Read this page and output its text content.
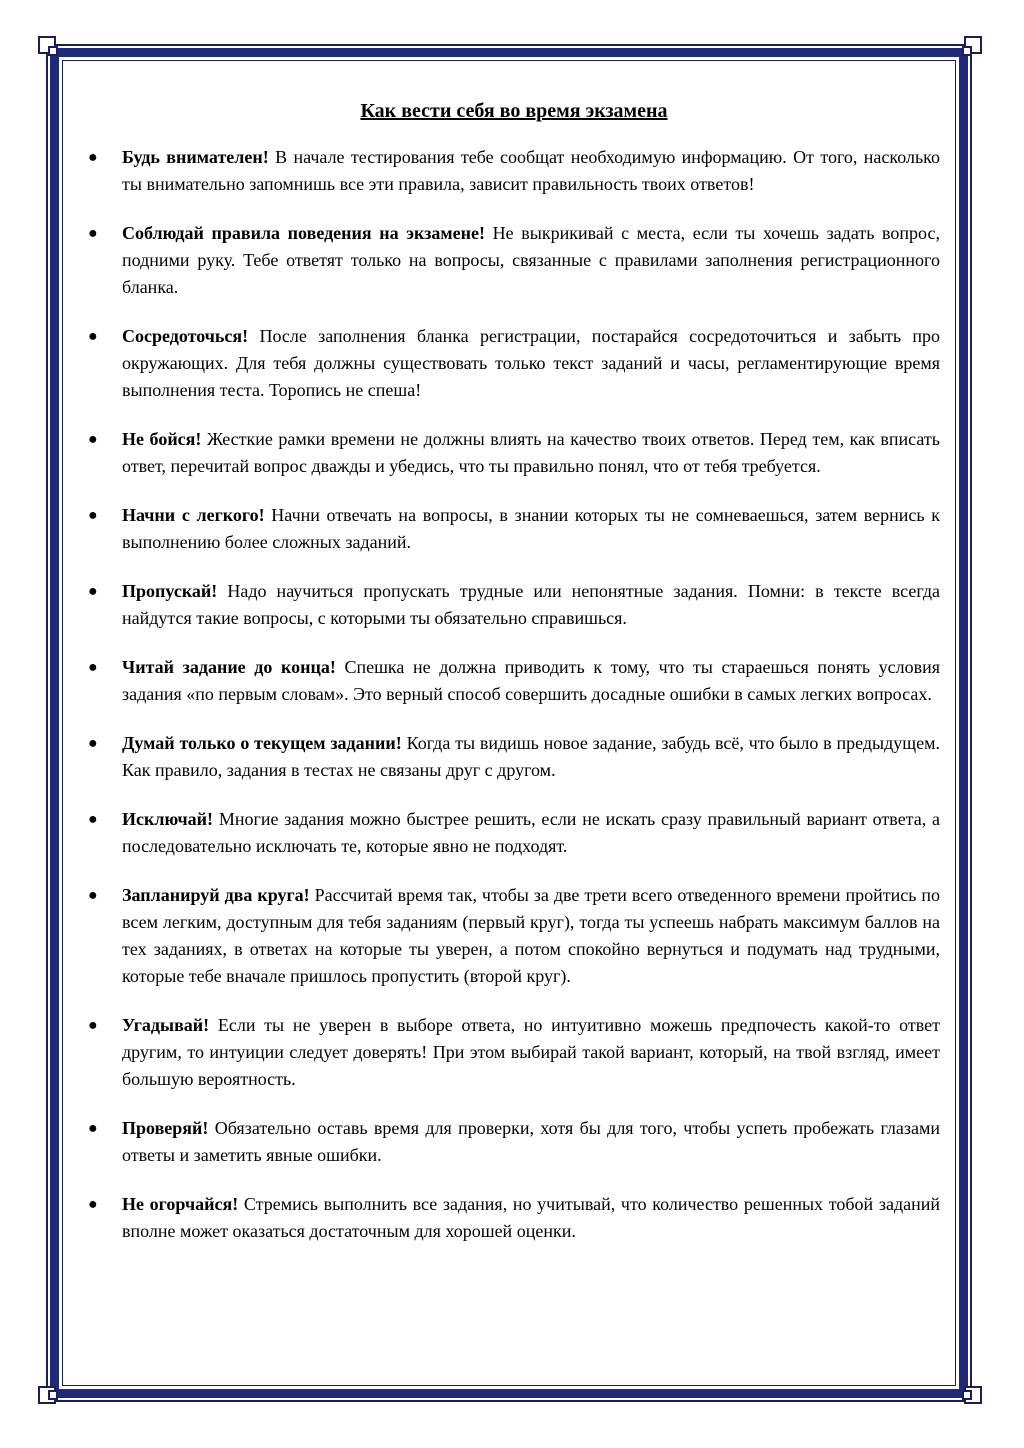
Как вести себя во время экзамена
● Будь внимателен! В начале тестирования тебе сообщат необходимую информацию. От того, насколько ты внимательно запомнишь все эти правила, зависит правильность твоих ответов!
● Соблюдай правила поведения на экзамене! Не выкрикивай с места, если ты хочешь задать вопрос, подними руку. Тебе ответят только на вопросы, связанные с правилами заполнения регистрационного бланка.
● Сосредоточься! После заполнения бланка регистрации, постарайся сосредоточиться и забыть про окружающих. Для тебя должны существовать только текст заданий и часы, регламентирующие время выполнения теста. Торопись не спеша!
● Не бойся! Жесткие рамки времени не должны влиять на качество твоих ответов. Перед тем, как вписать ответ, перечитай вопрос дважды и убедись, что ты правильно понял, что от тебя требуется.
● Начни с легкого! Начни отвечать на вопросы, в знании которых ты не сомневаешься, затем вернись к выполнению более сложных заданий.
● Пропускай! Надо научиться пропускать трудные или непонятные задания. Помни: в тексте всегда найдутся такие вопросы, с которыми ты обязательно справишься.
● Читай задание до конца! Спешка не должна приводить к тому, что ты стараешься понять условия задания «по первым словам». Это верный способ совершить досадные ошибки в самых легких вопросах.
● Думай только о текущем задании! Когда ты видишь новое задание, забудь всё, что было в предыдущем. Как правило, задания в тестах не связаны друг с другом.
● Исключай! Многие задания можно быстрее решить, если не искать сразу правильный вариант ответа, а последовательно исключать те, которые явно не подходят.
● Запланируй два круга! Рассчитай время так, чтобы за две трети всего отведенного времени пройтись по всем легким, доступным для тебя заданиям (первый круг), тогда ты успеешь набрать максимум баллов на тех заданиях, в ответах на которые ты уверен, а потом спокойно вернуться и подумать над трудными, которые тебе вначале пришлось пропустить (второй круг).
● Угадывай! Если ты не уверен в выборе ответа, но интуитивно можешь предпочесть какой-то ответ другим, то интуиции следует доверять! При этом выбирай такой вариант, который, на твой взгляд, имеет большую вероятность.
● Проверяй! Обязательно оставь время для проверки, хотя бы для того, чтобы успеть пробежать глазами ответы и заметить явные ошибки.
● Не огорчайся! Стремись выполнить все задания, но учитывай, что количество решенных тобой заданий вполне может оказаться достаточным для хорошей оценки.
